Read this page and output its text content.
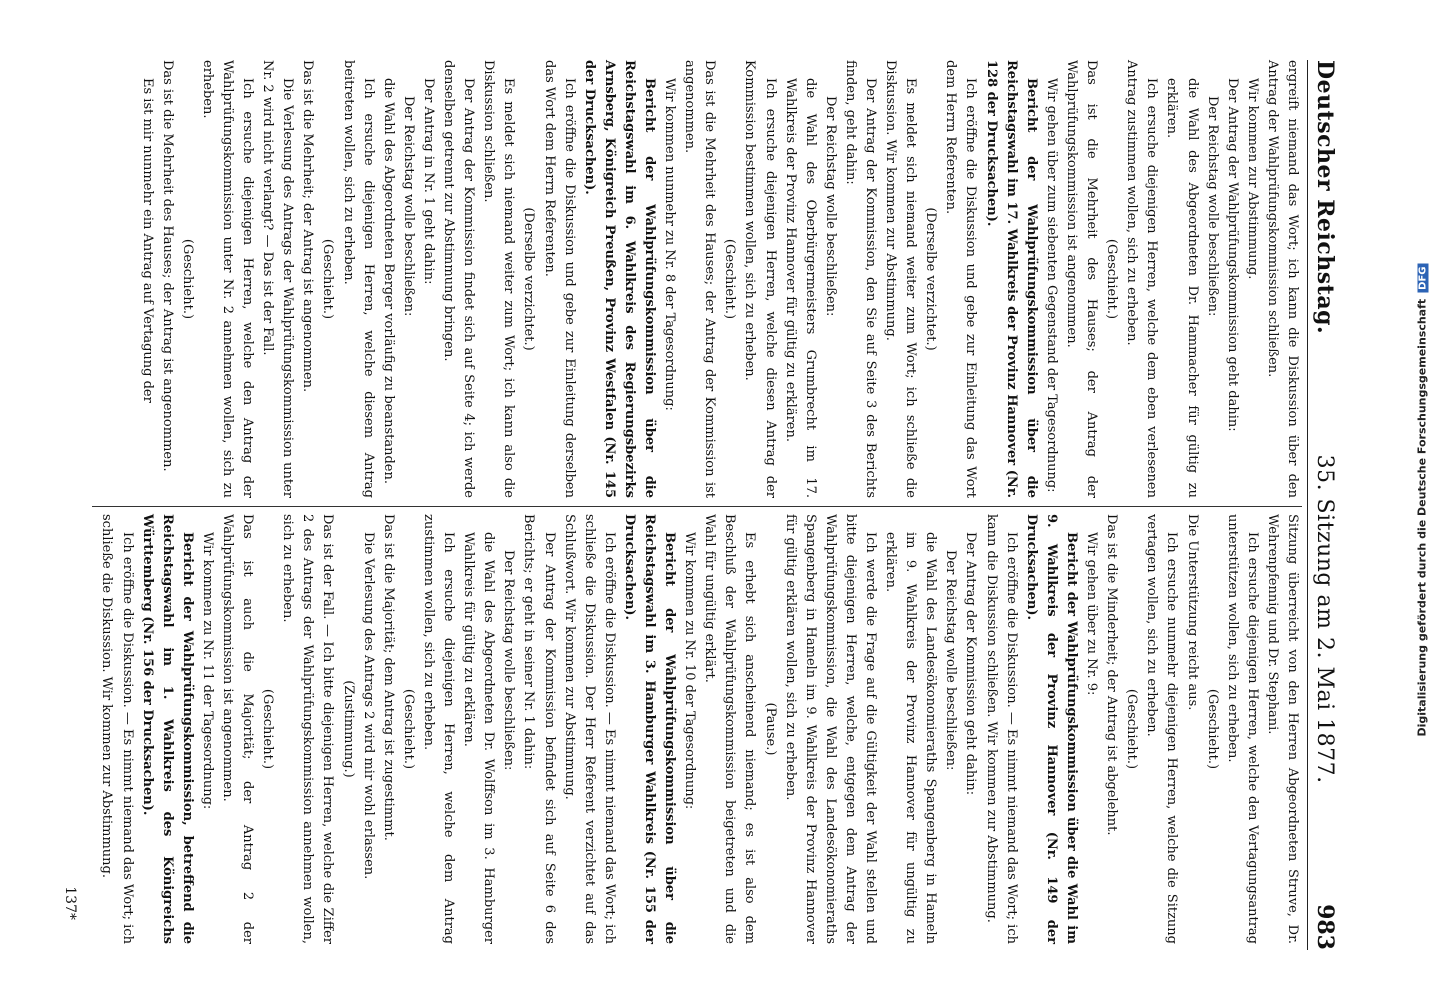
Deutscher Reichstag.
35. Sitzung am 2. Mai 1877.
983

ergreift niemand das Wort; ich kann die Diskussion über den Antrag der Wahlprüfungskommission schließen.

Wir kommen zur Abstimmung.

Der Antrag der Wahlprüfungskommission geht dahin:

Der Reichstag wolle beschließen:

die Wahl des Abgeordneten Dr. Hammacher für gültig zu erklären.

Ich ersuche diejenigen Herren, welche dem eben verlesenen Antrag zustimmen wollen, sich zu erheben.

(Geschieht.)

Das ist die Mehrheit des Hauses; der Antrag der Wahlprüfungskommission ist angenommen.

Wir gehen über zum siebenten Gegenstand der Tagesordnung:

Bericht der Wahlprüfungskommission über die Reichstagswahl im 17. Wahlkreis der Provinz Hannover (Nr. 128 der Drucksachen).

Ich eröffne die Diskussion und gebe zur Einleitung das Wort dem Herrn Referenten.

(Derselbe verzichtet.)

Es meldet sich niemand weiter zum Wort; ich schließe die Diskussion. Wir kommen zur Abstimmung.

Der Antrag der Kommission, den Sie auf Seite 3 des Berichts finden, geht dahin:

Der Reichstag wolle beschließen:

die Wahl des Oberbürgermeisters Grumbrecht im 17. Wahlkreis der Provinz Hannover für gültig zu erklären.

Ich ersuche diejenigen Herren, welche diesen Antrag der Kommission bestimmen wollen, sich zu erheben.

(Geschieht.)

Das ist die Mehrheit des Hauses; der Antrag der Kommission ist angenommen.

Wir kommen nunmehr zu Nr. 8 der Tagesordnung:

Bericht der Wahlprüfungskommission über die Reichstagswahl im 6. Wahlkreis des Regierungsbezirks Arnsberg, Königreich Preußen, Provinz Westfalen (Nr. 145 der Drucksachen).

Ich eröffne die Diskussion und gebe zur Einleitung derselben das Wort dem Herrn Referenten.

(Derselbe verzichtet.)

Es meldet sich niemand weiter zum Wort; ich kann also die Diskussion schließen.

Der Antrag der Kommission findet sich auf Seite 4; ich werde denselben getrennt zur Abstimmung bringen.

Der Antrag in Nr. 1 geht dahin:

Der Reichstag wolle beschließen:

die Wahl des Abgeordneten Berger vorläufig zu beanstanden.

Ich ersuche diejenigen Herren, welche diesem Antrag beitreten wollen, sich zu erheben.

(Geschieht.)

Das ist die Mehrheit; der Antrag ist angenommen.

Die Verlesung des Antrags der Wahlprüfungskommission unter Nr. 2 wird nicht verlangt? — Das ist der Fall.

Ich ersuche diejenigen Herren, welche den Antrag der Wahlprüfungskommission unter Nr. 2 annehmen wollen, sich zu erheben.

(Geschieht.)

Das ist die Mehrheit des Hauses; der Antrag ist angenommen.

Es ist mir nunmehr ein Antrag auf Vertagung der

Sitzung überreicht von den Herren Abgeordneten Struve, Dr. Wehrenpfennig und Dr. Stephani.

Ich ersuche diejenigen Herren, welche den Vertagungsantrag unterstützen wollen, sich zu erheben.

(Geschieht.)

Die Unterstützung reicht aus.

Ich ersuche nunmehr diejenigen Herren, welche die Sitzung vertagen wollen, sich zu erheben.

(Geschieht.)

Das ist die Minderheit; der Antrag ist abgelehnt.

Wir gehen über zu Nr. 9:

Bericht der Wahlprüfungskommission über die Wahl im 9. Wahlkreis der Provinz Hannover (Nr. 149 der Drucksachen).

Ich eröffne die Diskussion. — Es nimmt niemand das Wort; ich kann die Diskussion schließen. Wir kommen zur Abstimmung.

Der Antrag der Kommission geht dahin:

Der Reichstag wolle beschließen:

die Wahl des Landesökonomieraths Spangenberg in Hameln im 9. Wahlkreis der Provinz Hannover für ungültig zu erklären.

Ich werde die Frage auf die Gültigkeit der Wahl stellen und bitte diejenigen Herren, welche, entgegen dem Antrag der Wahlprüfungskommission, die Wahl des Landesökonomieraths Spangenberg in Hameln im 9. Wahlkreis der Provinz Hannover für gültig erklären wollen, sich zu erheben.

(Pause.)

Es erhebt sich anscheinend niemand; es ist also dem Beschluß der Wahlprüfungskommission beigetreten und die Wahl für ungültig erklärt.

Wir kommen zu Nr. 10 der Tagesordnung:

Bericht der Wahlprüfungskommission über die Reichstagswahl im 3. Hamburger Wahlkreis (Nr. 155 der Drucksachen).

Ich eröffne die Diskussion. — Es nimmt niemand das Wort; ich schließe die Diskussion. Der Herr Referent verzichtet auf das Schlußwort. Wir kommen zur Abstimmung.

Der Antrag der Kommission befindet sich auf Seite 6 des Berichts; er geht in seiner Nr. 1 dahin:

Der Reichstag wolle beschließen:

die Wahl des Abgeordneten Dr. Wolffson im 3. Hamburger Wahlkreis für gültig zu erklären.

Ich ersuche diejenigen Herren, welche dem Antrag zustimmen wollen, sich zu erheben.

(Geschieht.)

Das ist die Majorität; dem Antrag ist zugestimmt.

Die Verlesung des Antrags 2 wird mir wohl erlassen.

(Zustimmung.)

Das ist der Fall. — Ich bitte diejenigen Herren, welche die Ziffer 2 des Antrags der Wahlprüfungskommission annehmen wollen, sich zu erheben.

(Geschieht.)

Das ist auch die Majorität; der Antrag 2 der Wahlprüfungskommission ist angenommen.

Wir kommen zu Nr. 11 der Tagesordnung:

Bericht der Wahlprüfungskommission, betreffend die Reichstagswahl im 1. Wahlkreis des Königreichs Württemberg (Nr. 156 der Drucksachen).

Ich eröffne die Diskussion. — Es nimmt niemand das Wort; ich schließe die Diskussion. Wir kommen zur Abstimmung.

137*
Digitalisierung gefördert durch die Deutsche ForschungsgemeinschaftDFG
